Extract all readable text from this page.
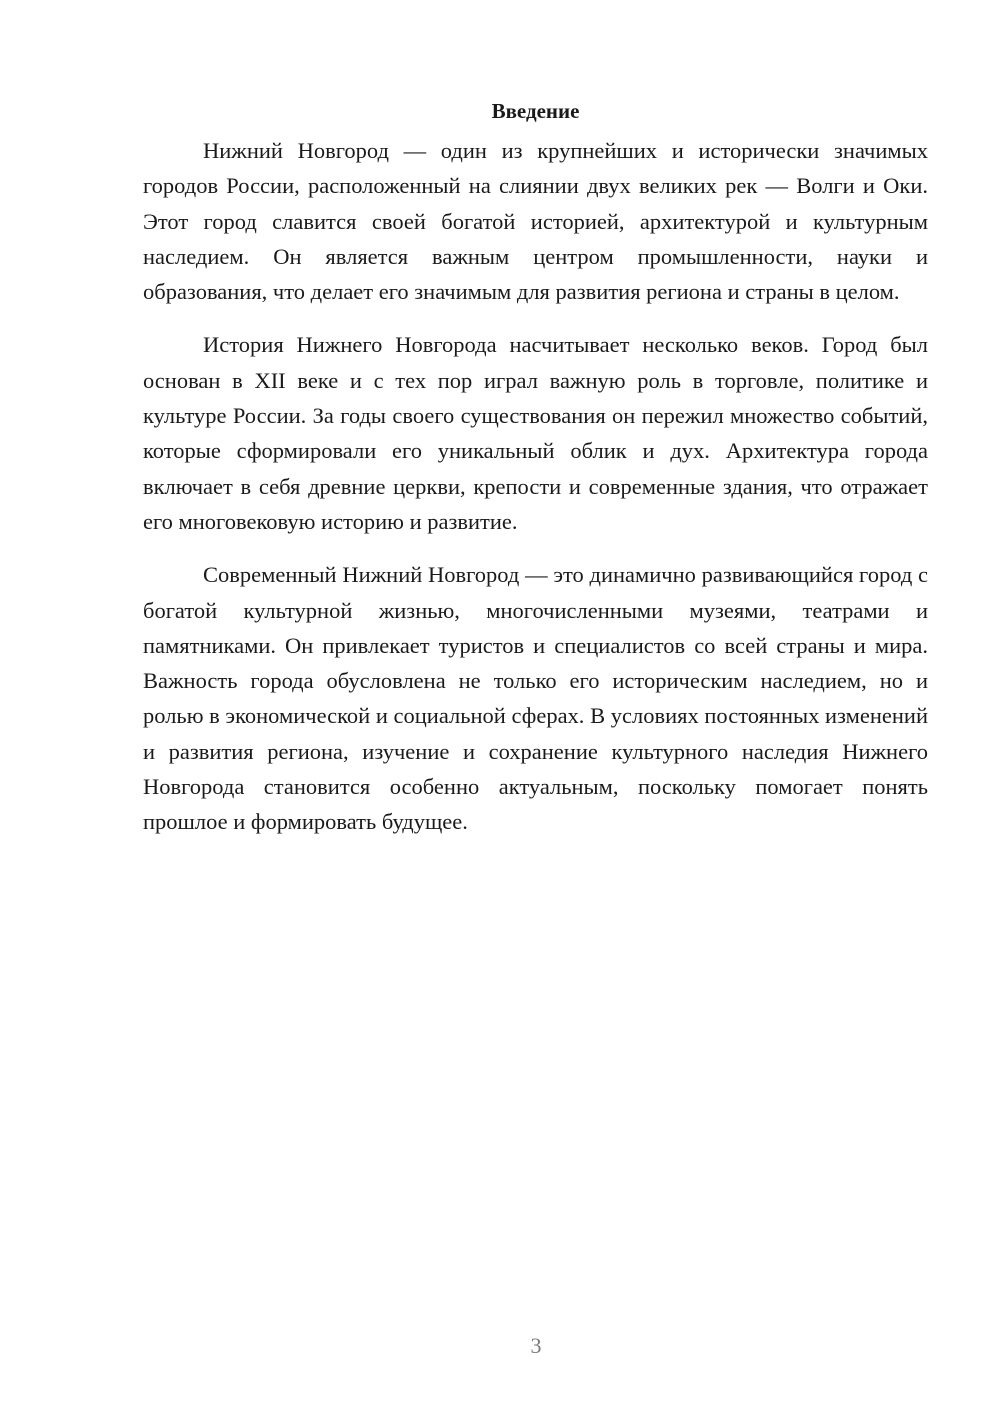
Введение

Нижний Новгород — один из крупнейших и исторически значимых городов России, расположенный на слиянии двух великих рек — Волги и Оки. Этот город славится своей богатой историей, архитектурой и культурным наследием. Он является важным центром промышленности, науки и образования, что делает его значимым для развития региона и страны в целом.

История Нижнего Новгорода насчитывает несколько веков. Город был основан в XII веке и с тех пор играл важную роль в торговле, политике и культуре России. За годы своего существования он пережил множество событий, которые сформировали его уникальный облик и дух. Архитектура города включает в себя древние церкви, крепости и современные здания, что отражает его многовековую историю и развитие.

Современный Нижний Новгород — это динамично развивающийся город с богатой культурной жизнью, многочисленными музеями, театрами и памятниками. Он привлекает туристов и специалистов со всей страны и мира. Важность города обусловлена не только его историческим наследием, но и ролью в экономической и социальной сферах. В условиях постоянных изменений и развития региона, изучение и сохранение культурного наследия Нижнего Новгорода становится особенно актуальным, поскольку помогает понять прошлое и формировать будущее.

3
